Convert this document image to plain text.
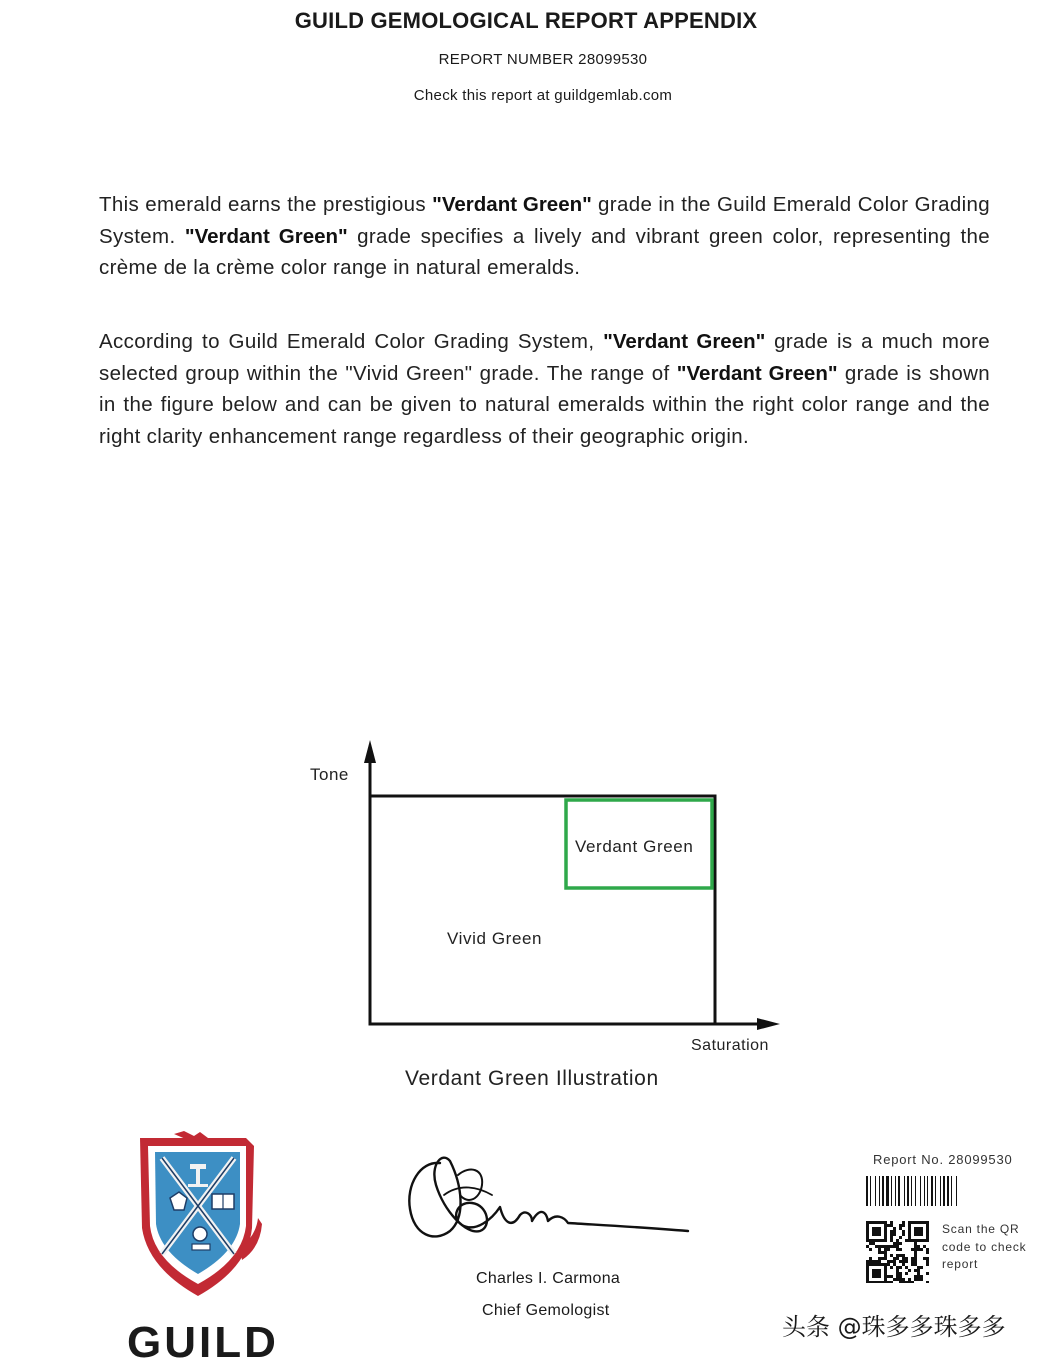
GUILD GEMOLOGICAL REPORT APPENDIX
REPORT NUMBER 28099530
Check this report at guildgemlab.com
This emerald earns the prestigious "Verdant Green" grade in the Guild Emerald Color Grading System. "Verdant Green" grade specifies a lively and vibrant green color, representing the crème de la crème color range in natural emeralds.
According to Guild Emerald Color Grading System, "Verdant Green" grade is a much more selected group within the "Vivid Green" grade. The range of "Verdant Green" grade is shown in the figure below and can be given to natural emeralds within the right color range and the right clarity enhancement range regardless of their geographic origin.
Tone
Saturation
Verdant Green
Vivid Green
Verdant Green Illustration
GUILD
Charles I. Carmona
Chief Gemologist
Report No. 28099530
Scan the QR code to check report
头条 @珠多多珠多多
